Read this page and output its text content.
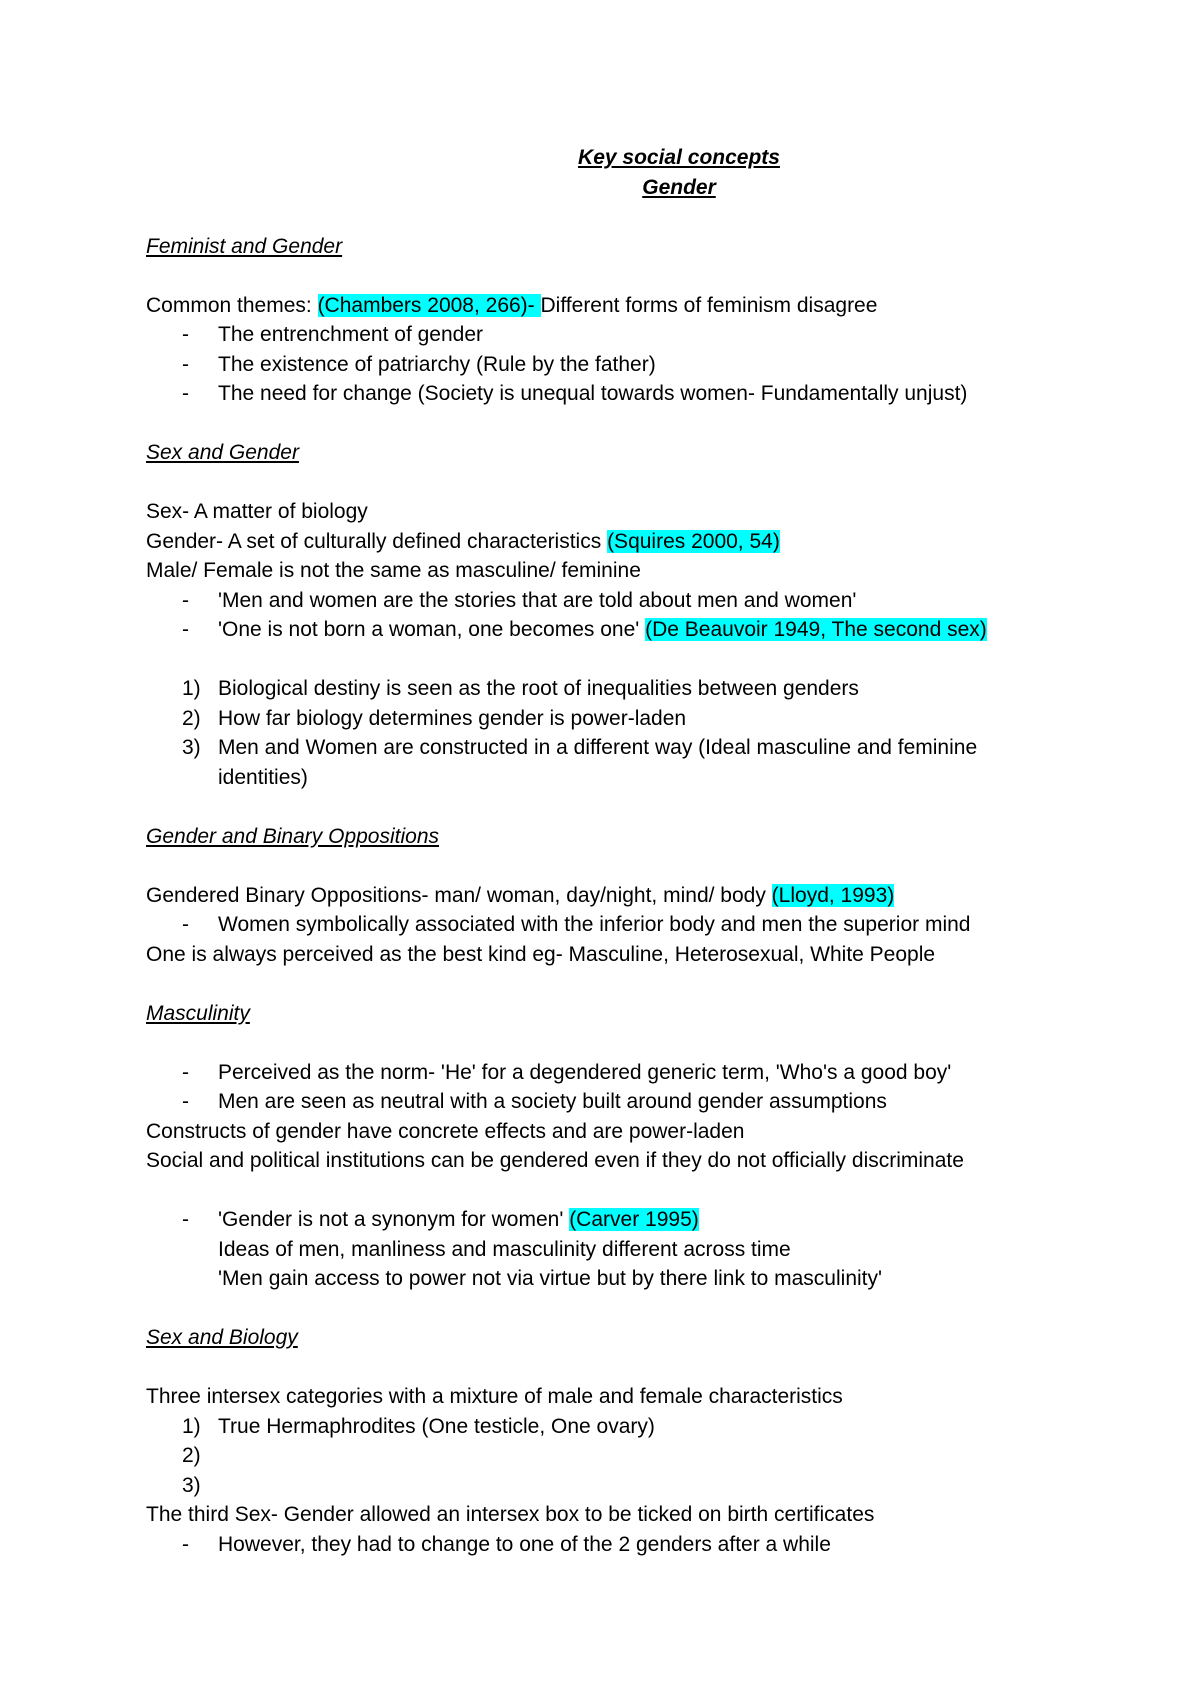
Key social concepts
Gender
Feminist and Gender
Common themes: (Chambers 2008, 266)- Different forms of feminism disagree
-	The entrenchment of gender
-	The existence of patriarchy (Rule by the father)
-	The need for change (Society is unequal towards women- Fundamentally unjust)
Sex and Gender
Sex- A matter of biology
Gender- A set of culturally defined characteristics (Squires 2000, 54)
Male/ Female is not the same as masculine/ feminine
-	'Men and women are the stories that are told about men and women'
-	'One is not born a woman, one becomes one' (De Beauvoir 1949, The second sex)
1) Biological destiny is seen as the root of inequalities between genders
2) How far biology determines gender is power-laden
3) Men and Women are constructed in a different way (Ideal masculine and feminine identities)
Gender and Binary Oppositions
Gendered Binary Oppositions- man/ woman, day/night, mind/ body (Lloyd, 1993)
-	Women symbolically associated with the inferior body and men the superior mind
One is always perceived as the best kind eg- Masculine, Heterosexual, White People
Masculinity
-	Perceived as the norm- 'He' for a degendered generic term, 'Who's a good boy'
-	Men are seen as neutral with a society built around gender assumptions
Constructs of gender have concrete effects and are power-laden
Social and political institutions can be gendered even if they do not officially discriminate
-	'Gender is not a synonym for women' (Carver 1995)
Ideas of men, manliness and masculinity different across time
'Men gain access to power not via virtue but by there link to masculinity'
Sex and Biology
Three intersex categories with a mixture of male and female characteristics
1) True Hermaphrodites (One testicle, One ovary)
2)
3)
The third Sex- Gender allowed an intersex box to be ticked on birth certificates
-	However, they had to change to one of the 2 genders after a while
